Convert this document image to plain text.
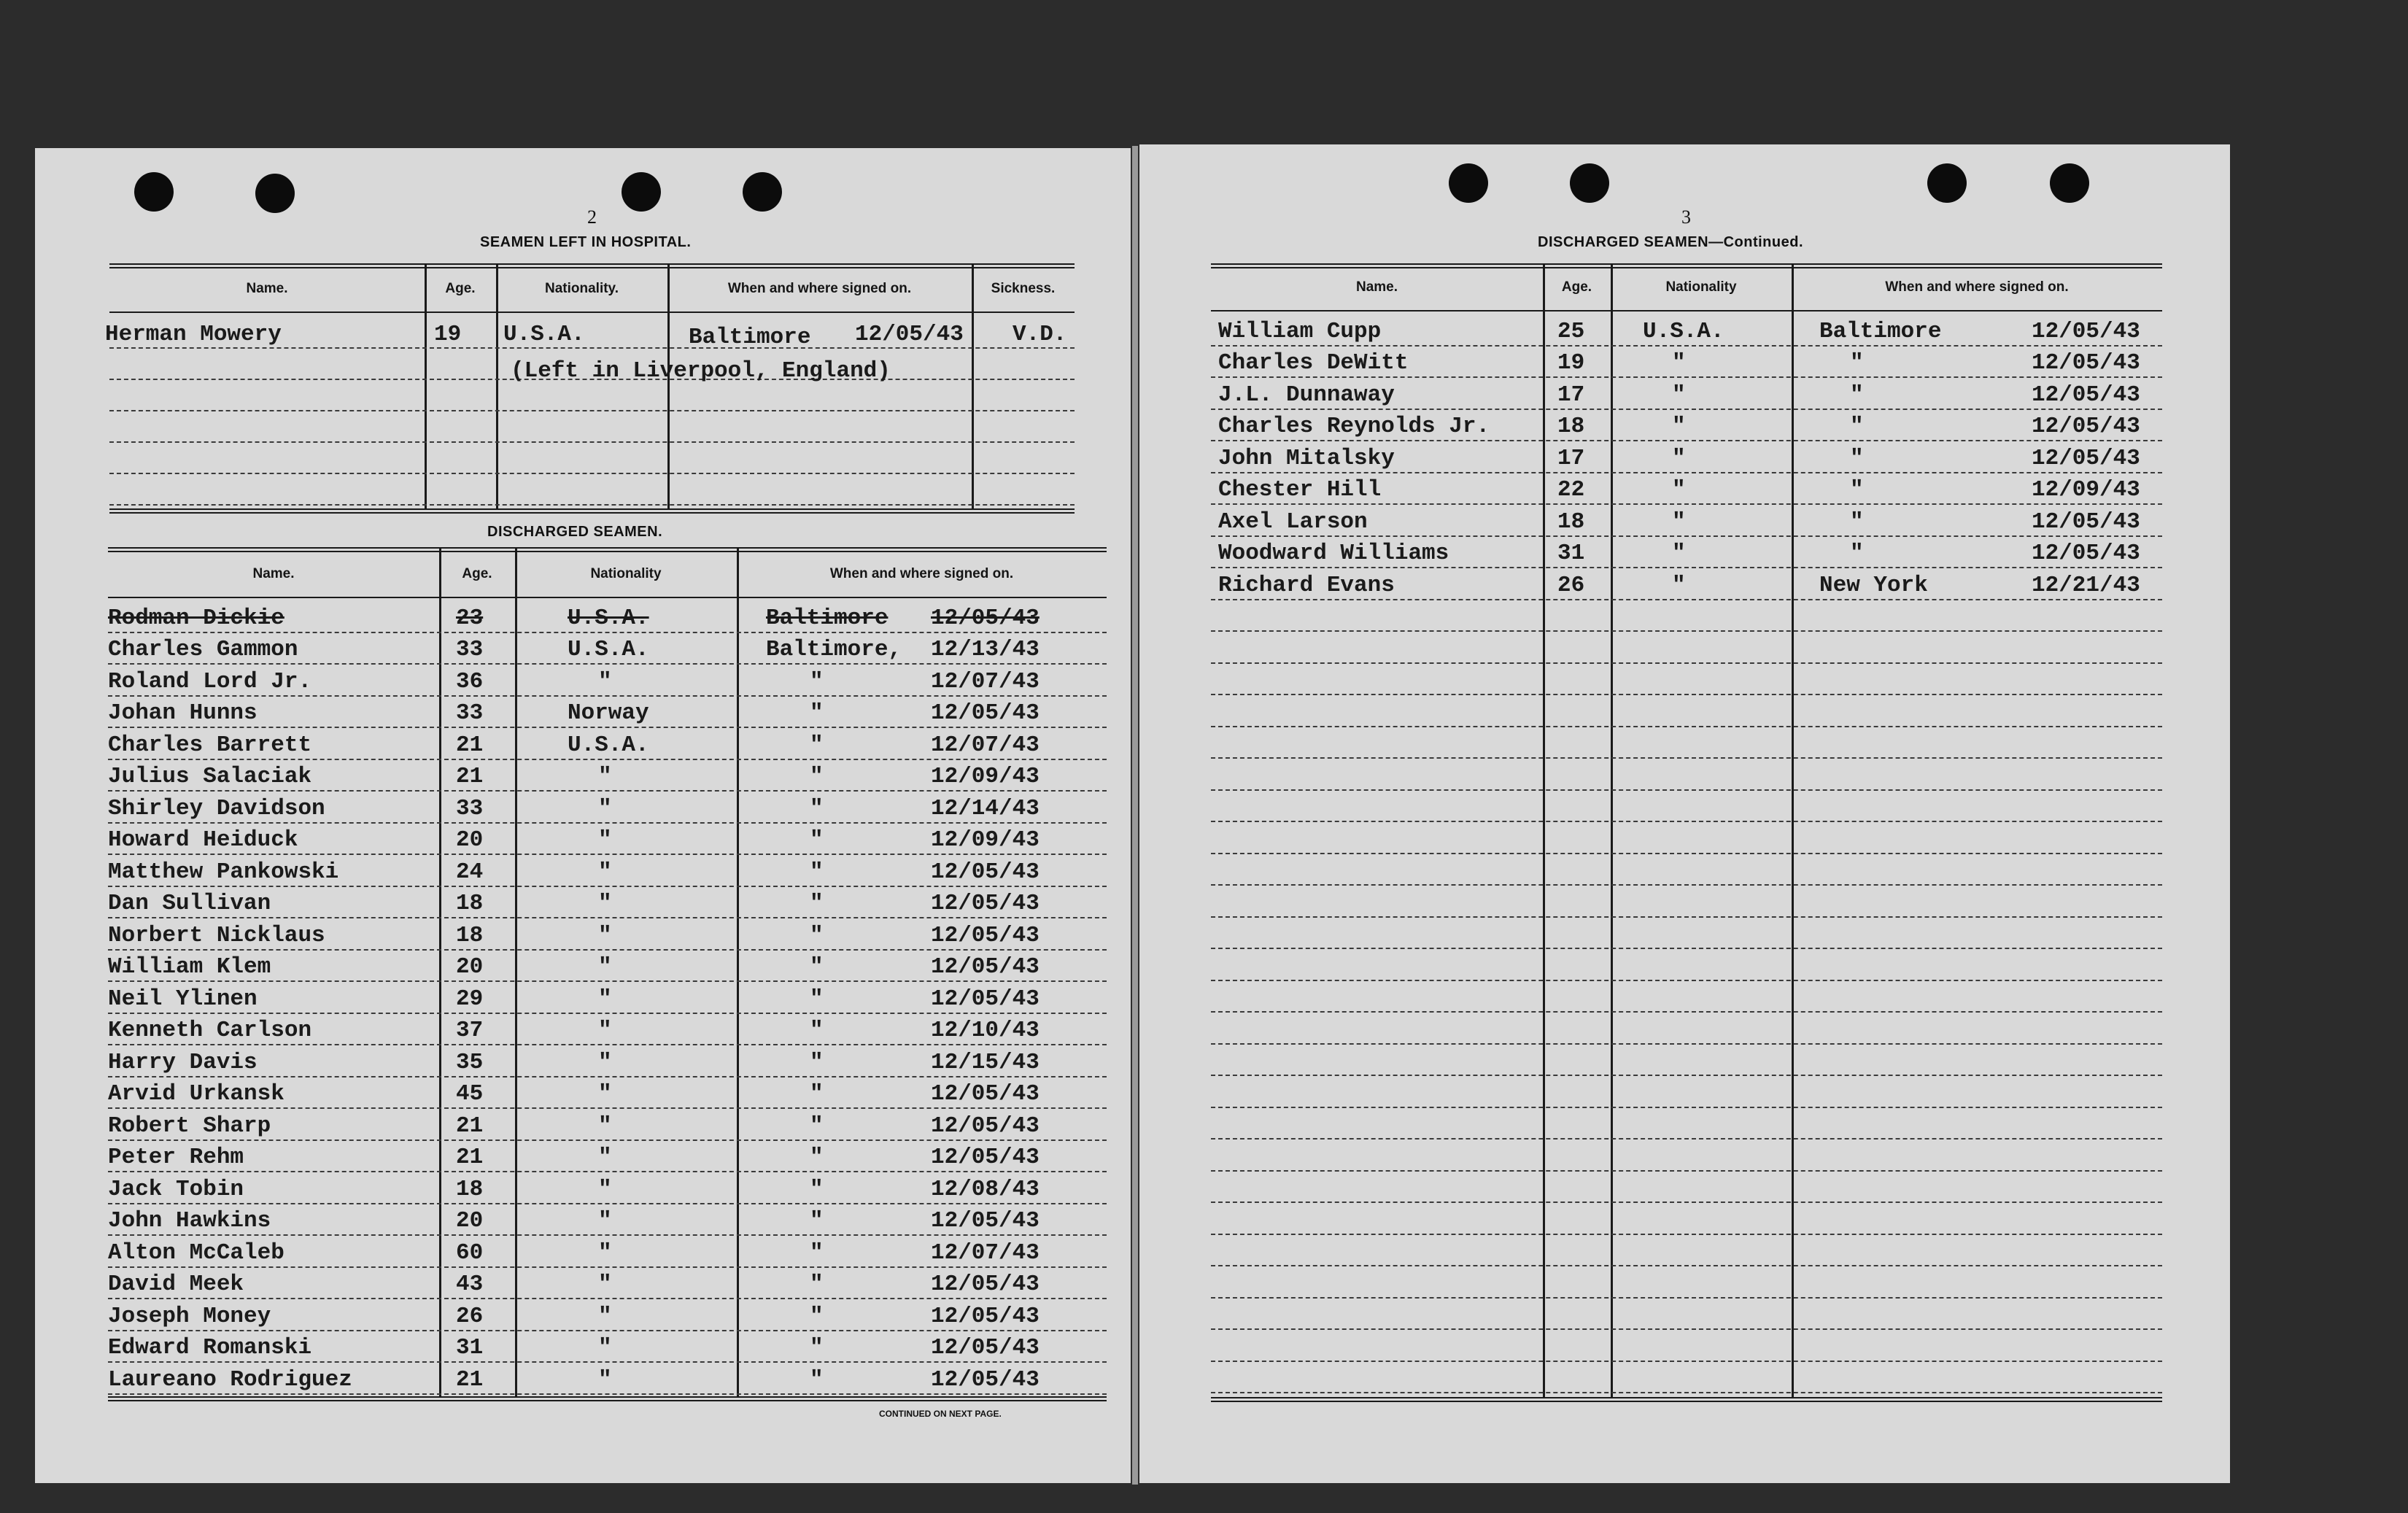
2
SEAMEN LEFT IN HOSPITAL.
Name.	Age.	Nationality.	When and where signed on.	Sickness.
Herman Mowery	19 U.S.A.	Baltimore 12/05/43 V.D.
(Left in Liverpool, England)
DISCHARGED SEAMEN.
Name.	Age.	Nationality	When and where signed on.
Rodman Dickie	23	U.S.A.	Baltimore 12/05/43
Charles Gammon	33	U.S.A.	Baltimore, 12/13/43
Roland Lord Jr.	36	"	"	12/07/43
Johan Hunns	33	Norway	"	12/05/43
Charles Barrett	21	U.S.A.	"	12/07/43
Julius Salaciak	21	"	"	12/09/43
Shirley Davidson	33	"	"	12/14/43
Howard Heiduck	20	"	"	12/09/43
Matthew Pankowski	24	"	"	12/05/43
Dan Sullivan	18	"	"	12/05/43
Norbert Nicklaus	18	"	"	12/05/43
William Klem	20	"	"	12/05/43
Neil Ylinen	29	"	"	12/05/43
Kenneth Carlson	37	"	"	12/10/43
Harry Davis	35	"	"	12/15/43
Arvid Urkansk	45	"	"	12/05/43
Robert Sharp	21	"	"	12/05/43
Peter Rehm	21	"	"	12/05/43
Jack Tobin	18	"	"	12/08/43
John Hawkins	20	"	"	12/05/43
Alton McCaleb	60	"	"	12/07/43
David Meek	43	"	"	12/05/43
Joseph Money	26	"	"	12/05/43
Edward Romanski	31	"	"	12/05/43
Laureano Rodriguez	21	"	"	12/05/43
CONTINUED ON NEXT PAGE.
3
DISCHARGED SEAMEN—Continued.
Name.	Age.	Nationality	When and where signed on.
William Cupp	25	U.S.A.	Baltimore	12/05/43
Charles DeWitt	19	"	"	12/05/43
J.L. Dunnaway	17	"	"	12/05/43
Charles Reynolds Jr.	18	"	"	12/05/43
John Mitalsky	17	"	"	12/05/43
Chester Hill	22	"	"	12/09/43
Axel Larson	18	"	"	12/05/43
Woodward Williams	31	"	"	12/05/43
Richard Evans	26	"	New York	12/21/43
